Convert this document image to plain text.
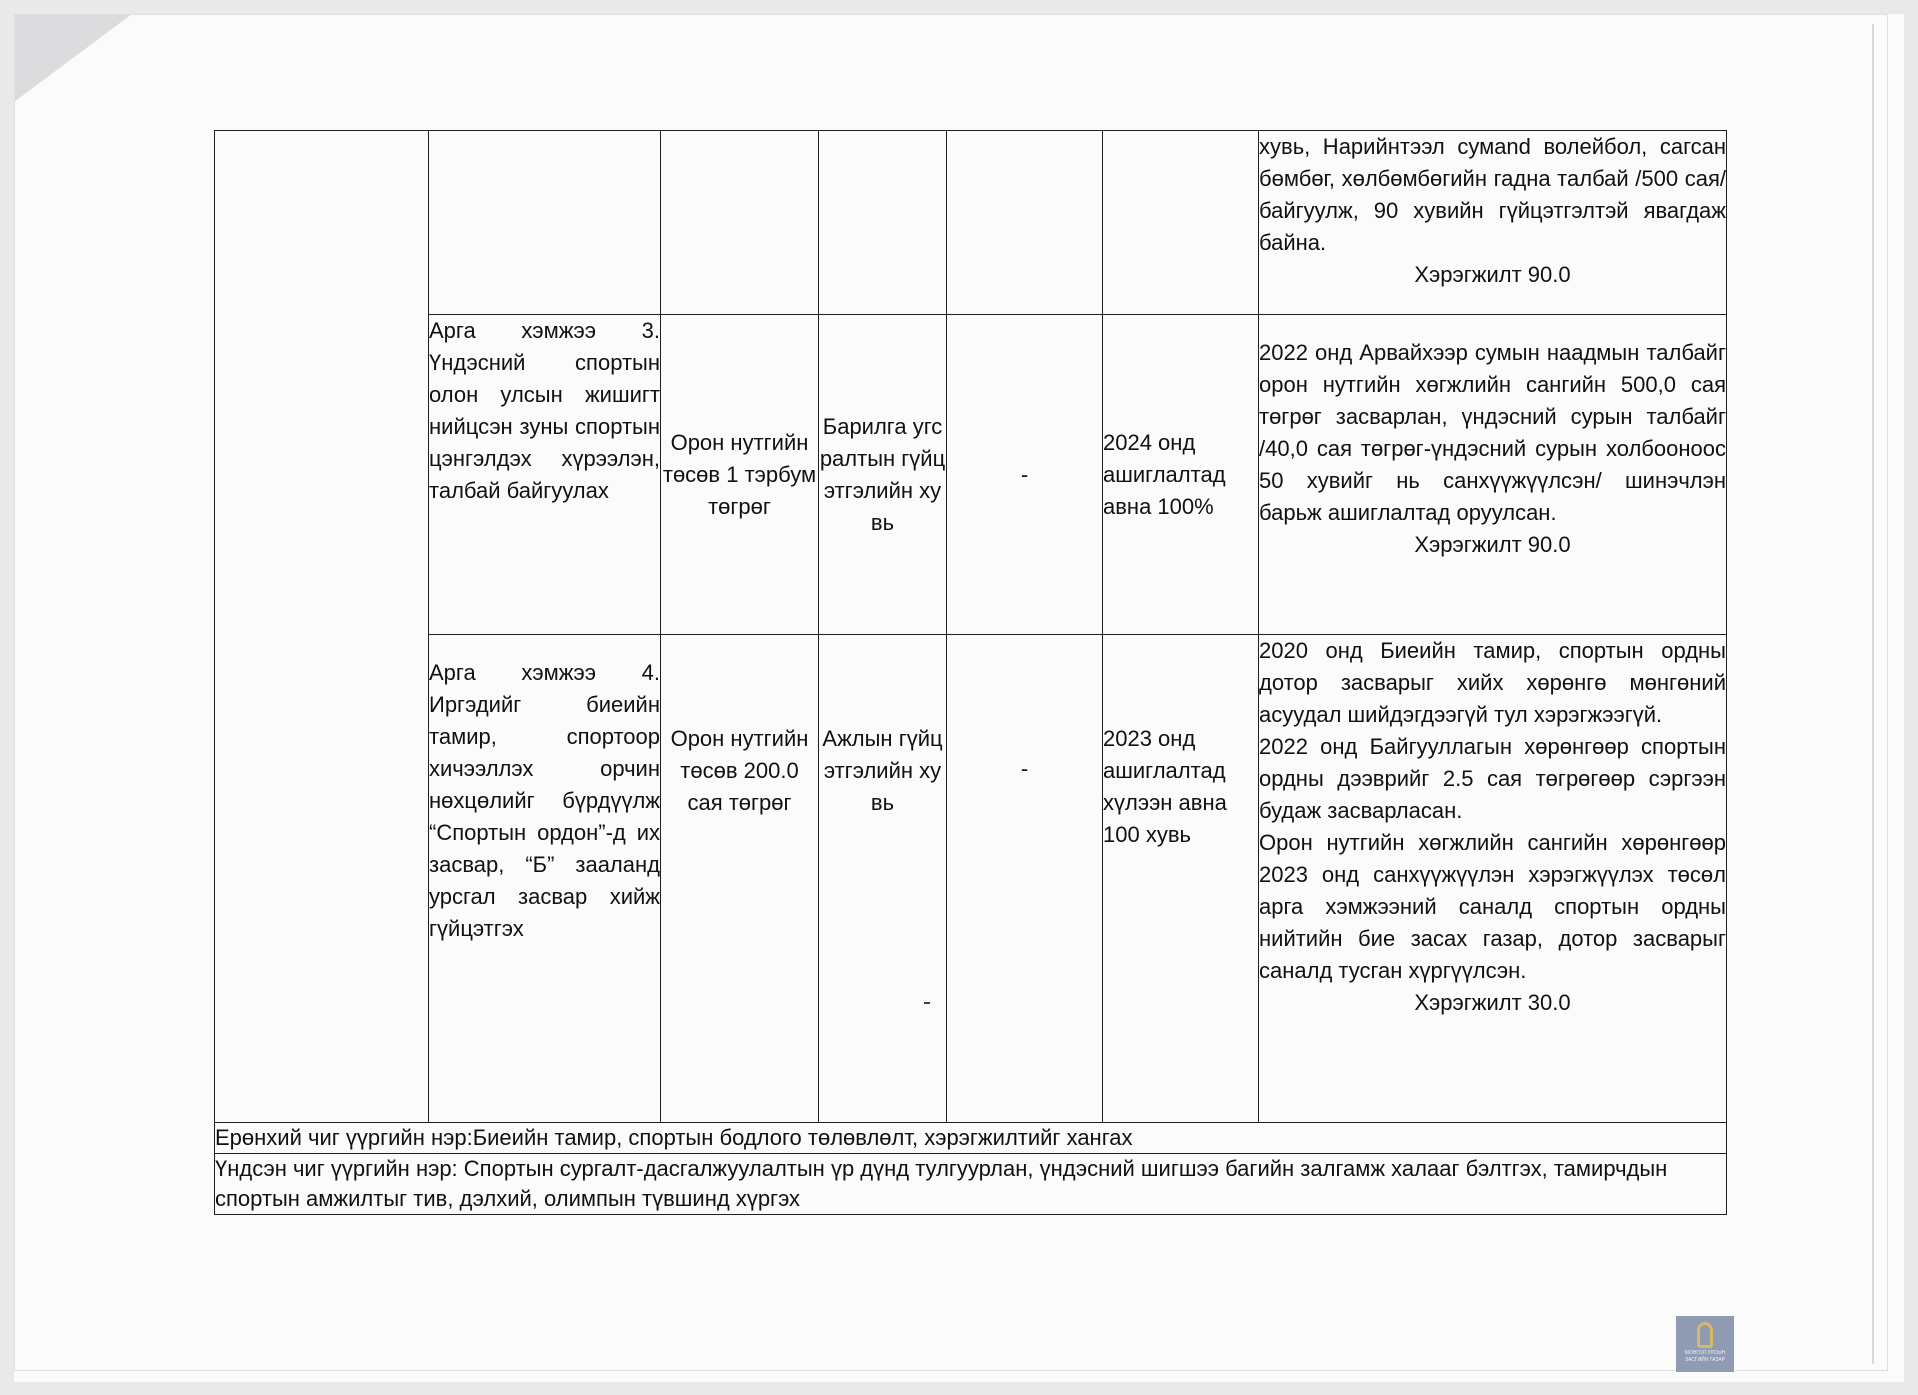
						хувь, Нарийнтээл сумand волейбол, сагсан бөмбөг, хөлбөмбөгийн гадна талбай /500 сая/ байгуулж, 90 хувийн гүйцэтгэлтэй явагдаж байна.
Хэрэгжилт 90.0

	Арга хэмжээ 3. Үндэсний спортын олон улсын жишигт нийцсэн зуны спортын цэнгэлдэх хүрээлэн, талбай байгуулах	Орон нутгийн төсөв 1 тэрбум төгрөг	Барилга угсралтын гүйцэтгэлийн хувь	-	2024 онд ашиглалтад авна 100%	2022 онд Арвайхээр сумын наадмын талбайг орон нутгийн хөгжлийн сангийн 500,0 сая төгрөг засварлан, үндэсний сурын талбайг /40,0 сая төгрөг-үндэсний сурын холбооноос 50 хувийг нь санхүүжүүлсэн/ шинэчлэн барьж ашиглалтад оруулсан.
Хэрэгжилт 90.0

	Арга хэмжээ 4. Иргэдийг биеийн тамир, спортоор хичээллэх орчин нөхцөлийг бүрдүүлж “Спортын ордон”-д их засвар, “Б” зааланд урсгал засвар хийж гүйцэтгэх	Орон нутгийн төсөв 200.0 сая төгрөг	Ажлын гүйцэтгэлийн хувь	-	2023 онд ашиглалтад хүлээн авна 100 хувь	2020 онд Биеийн тамир, спортын ордны дотор засварыг хийх хөрөнгө мөнгөний асуудал шийдэгдээгүй тул хэрэгжээгүй.
2022 онд Байгууллагын хөрөнгөөр спортын ордны дээврийг 2.5 сая төгрөгөөр сэргээн будаж засварласан.
Орон нутгийн хөгжлийн сангийн хөрөнгөөр 2023 онд санхүүжүүлэн хэрэгжүүлэх төсөл арга хэмжээний саналд спортын ордны нийтийн бие засах газар, дотор засварыг саналд тусган хүргүүлсэн.
Хэрэгжилт 30.0

Ерөнхий чиг үүргийн нэр:Биеийн тамир, спортын бодлого төлөвлөлт, хэрэгжилтийг хангах						
Үндсэн чиг үүргийн нэр: Спортын сургалт-дасгалжуулалтын үр дүнд тулгуурлан, үндэсний шигшээ багийн залгамж халааг бэлтгэх, тамирчдын спортын амжилтыг тив, дэлхий, олимпын түвшинд хүргэх						
МОНГОЛ УЛСЫН ЗАСГИЙН ГАЗАР
